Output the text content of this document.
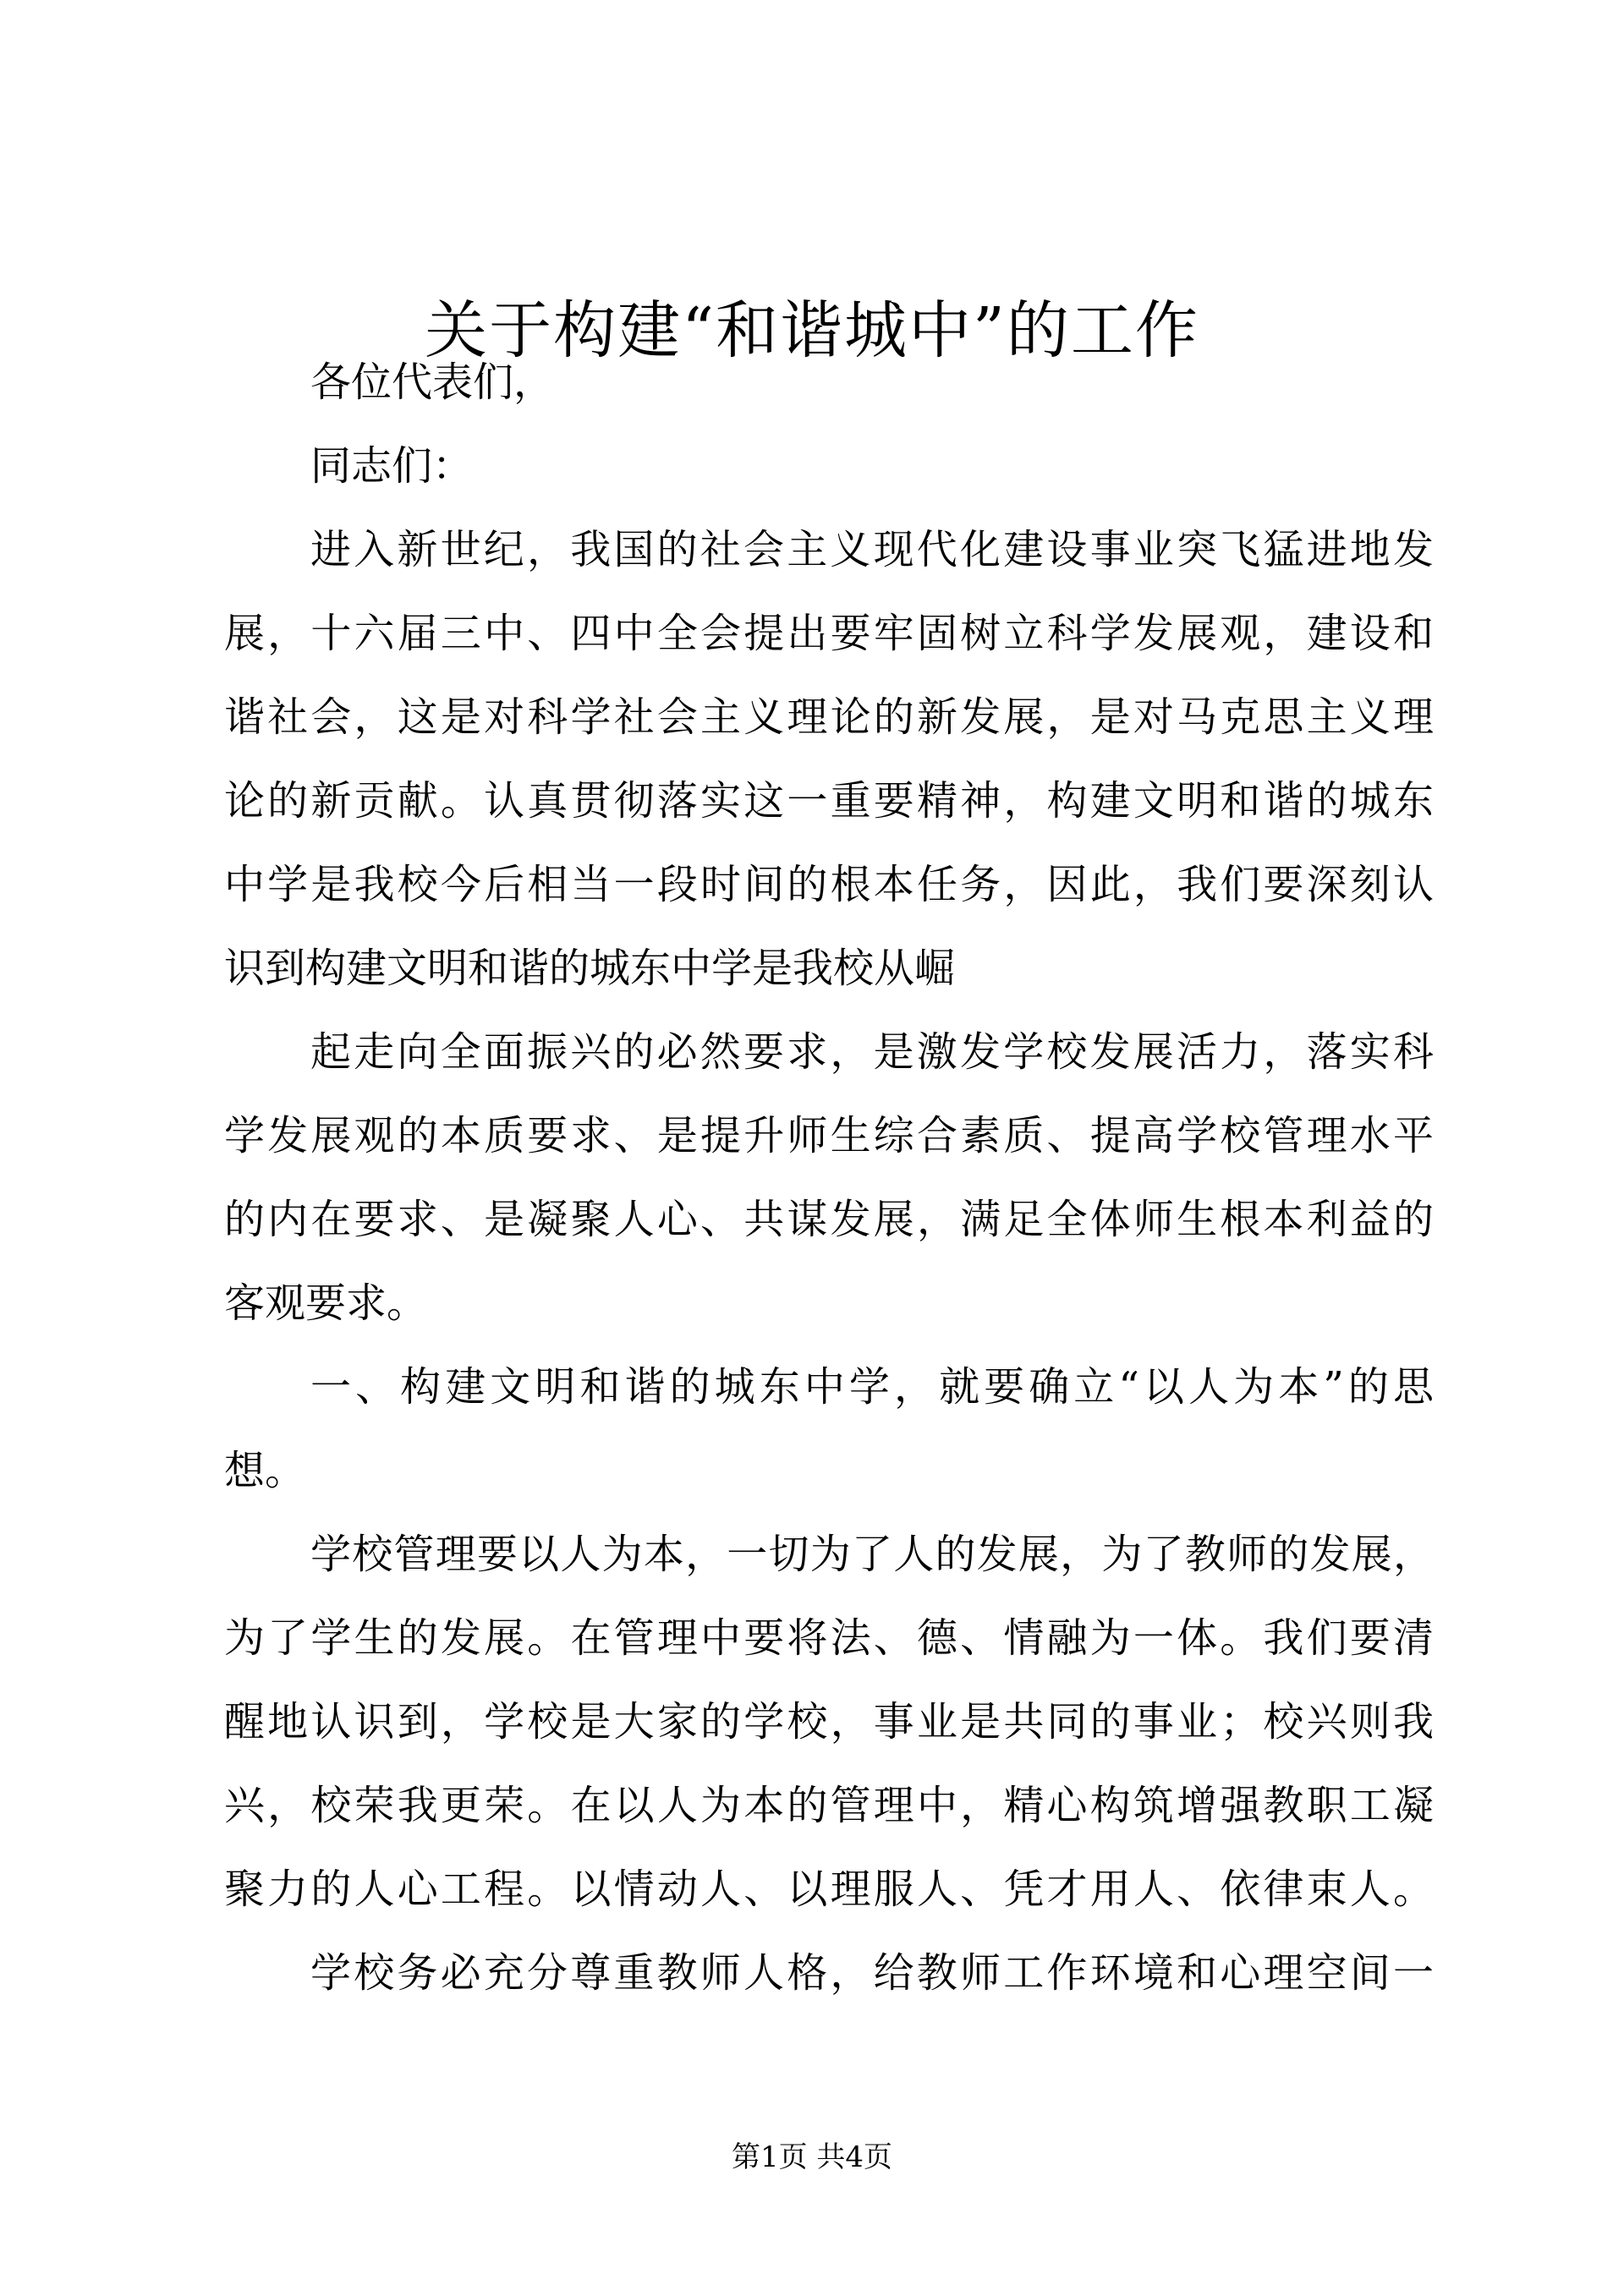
关于构建“和谐城中”的工作
各位代表们，
同志们：
进入新世纪，我国的社会主义现代化建设事业突飞猛进地发
展，十六届三中、四中全会提出要牢固树立科学发展观，建设和
谐社会，这是对科学社会主义理论的新发展，是对马克思主义理
论的新贡献。认真贯彻落实这一重要精神，构建文明和谐的城东
中学是我校今后相当一段时间的根本任务，因此，我们要深刻认
识到构建文明和谐的城东中学是我校从崛
起走向全面振兴的必然要求，是激发学校发展活力，落实科
学发展观的本质要求、是提升师生综合素质、提高学校管理水平
的内在要求、是凝聚人心、共谋发展，满足全体师生根本利益的
客观要求。
一、构建文明和谐的城东中学，就要确立“以人为本”的思
想。
学校管理要以人为本，一切为了人的发展，为了教师的发展，
为了学生的发展。在管理中要将法、德、情融为一体。我们要清
醒地认识到，学校是大家的学校，事业是共同的事业；校兴则我
兴，校荣我更荣。在以人为本的管理中，精心构筑增强教职工凝
聚力的人心工程。以情动人、以理服人、凭才用人、依律束人。
学校务必充分尊重教师人格，给教师工作环境和心理空间一
第1页 共4页
